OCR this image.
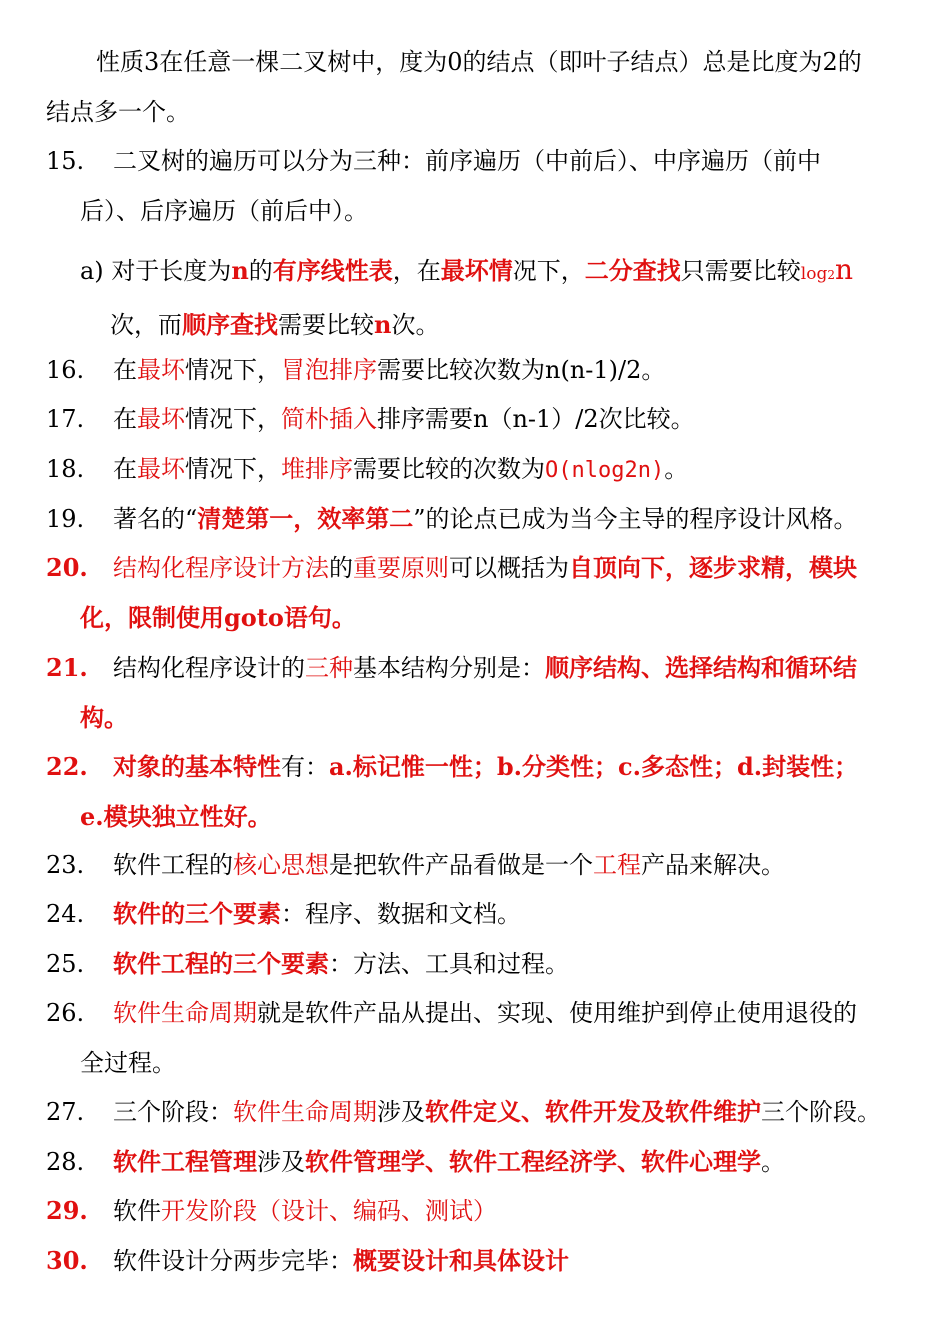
性质3在任意一棵二叉树中，度为0的结点（即叶子结点）总是比度为2的
结点多一个。
15. 二叉树的遍历可以分为三种：前序遍历（中前后）、中序遍历（前中
后）、后序遍历（前后中）。
a) 对于长度为n的有序线性表，在最坏情况下，二分查找只需要比较log2n
次，而顺序查找需要比较n次。
16. 在最坏情况下，冒泡排序需要比较次数为n(n-1)/2。
17. 在最坏情况下，简朴插入排序需要n（n-1）/2次比较。
18. 在最坏情况下，堆排序需要比较的次数为O(nlog2n)。
19. 著名的“清楚第一，效率第二”的论点已成为当今主导的程序设计风格。
20. 结构化程序设计方法的重要原则可以概括为自顶向下，逐步求精，模块
化，限制使用goto语句。
21. 结构化程序设计的三种基本结构分别是：顺序结构、选择结构和循环结
构。
22. 对象的基本特性有：a.标记惟一性；b.分类性；c.多态性；d.封装性；
e.模块独立性好。
23. 软件工程的核心思想是把软件产品看做是一个工程产品来解决。
24. 软件的三个要素：程序、数据和文档。
25. 软件工程的三个要素：方法、工具和过程。
26. 软件生命周期就是软件产品从提出、实现、使用维护到停止使用退役的
全过程。
27. 三个阶段：软件生命周期涉及软件定义、软件开发及软件维护三个阶段。
28. 软件工程管理涉及软件管理学、软件工程经济学、软件心理学。
29. 软件开发阶段（设计、编码、测试）
30. 软件设计分两步完毕：概要设计和具体设计
